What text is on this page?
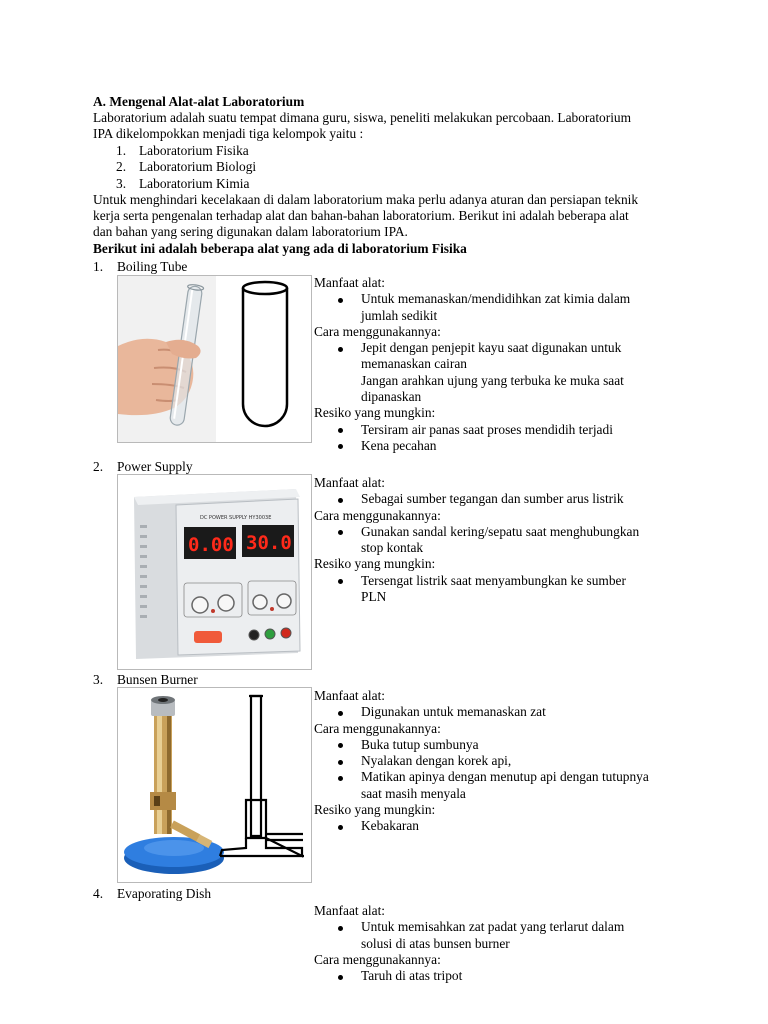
A. Mengenal Alat-alat Laboratorium
Laboratorium adalah suatu tempat dimana guru, siswa, peneliti melakukan percobaan. Laboratorium
IPA dikelompokkan menjadi tiga kelompok yaitu :
1. Laboratorium Fisika
2. Laboratorium Biologi
3. Laboratorium Kimia
Untuk menghindari kecelakaan di dalam laboratorium maka perlu adanya aturan dan persiapan teknik
kerja serta pengenalan terhadap alat dan bahan-bahan laboratorium. Berikut ini adalah beberapa alat
dan bahan yang sering digunakan dalam laboratorium IPA.
Berikut ini adalah beberapa alat yang ada di laboratorium Fisika
1. Boiling Tube
Manfaat alat:
Untuk memanaskan/mendidihkan zat kimia dalam
jumlah sedikit
Cara menggunakannya:
Jepit dengan penjepit kayu saat digunakan untuk
memanaskan cairan
Jangan arahkan ujung yang terbuka ke muka saat
dipanaskan
Resiko yang mungkin:
Tersiram air panas saat proses mendidih terjadi
Kena pecahan
2. Power Supply
DC POWER SUPPLY HY3003E
0.00 30.0
Manfaat alat:
Sebagai sumber tegangan dan sumber arus listrik
Cara menggunakannya:
Gunakan sandal kering/sepatu saat menghubungkan
stop kontak
Resiko yang mungkin:
Tersengat listrik saat menyambungkan ke sumber
PLN
3. Bunsen Burner
Manfaat alat:
Digunakan untuk memanaskan zat
Cara menggunakannya:
Buka tutup sumbunya
Nyalakan dengan korek api,
Matikan apinya dengan menutup api dengan tutupnya
saat masih menyala
Resiko yang mungkin:
Kebakaran
4. Evaporating Dish
Manfaat alat:
Untuk memisahkan zat padat yang terlarut dalam
solusi di atas bunsen burner
Cara menggunakannya:
Taruh di atas tripot
